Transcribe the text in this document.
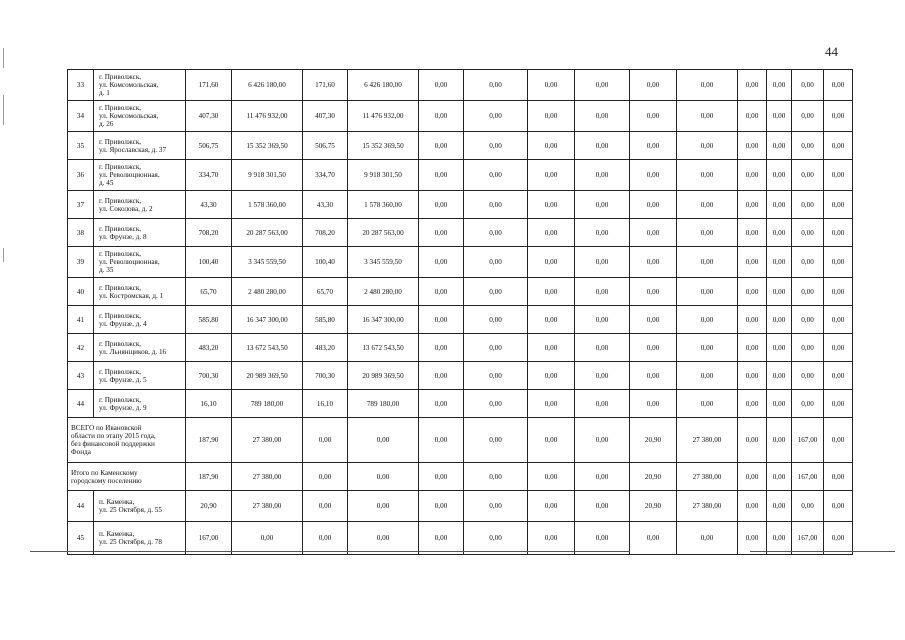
44
33	г. Приволжск,
ул. Комсомольская,
д. 1	171,60	6 426 180,00	171,60	6 426 180,00	0,00	0,00	0,00	0,00	0,00	0,00	0,00	0,00	0,00	0,00
34	г. Приволжск,
ул. Комсомольская,
д. 26	407,30	11 476 932,00	407,30	11 476 932,00	0,00	0,00	0,00	0,00	0,00	0,00	0,00	0,00	0,00	0,00
35	г. Приволжск,
ул. Ярославская, д. 37	506,75	15 352 369,50	506,75	15 352 369,50	0,00	0,00	0,00	0,00	0,00	0,00	0,00	0,00	0,00	0,00
36	г. Приволжск,
ул. Революционная,
д. 45	334,70	9 918 301,50	334,70	9 918 301,50	0,00	0,00	0,00	0,00	0,00	0,00	0,00	0,00	0,00	0,00
37	г. Приволжск,
ул. Соколова, д. 2	43,30	1 578 360,00	43,30	1 578 360,00	0,00	0,00	0,00	0,00	0,00	0,00	0,00	0,00	0,00	0,00
38	г. Приволжск,
ул. Фрунзе, д. 8	708,20	20 287 563,00	708,20	20 287 563,00	0,00	0,00	0,00	0,00	0,00	0,00	0,00	0,00	0,00	0,00
39	г. Приволжск,
ул. Революционная,
д. 35	100,40	3 345 559,50	100,40	3 345 559,50	0,00	0,00	0,00	0,00	0,00	0,00	0,00	0,00	0,00	0,00
40	г. Приволжск,
ул. Костромская, д. 1	65,70	2 480 280,00	65,70	2 480 280,00	0,00	0,00	0,00	0,00	0,00	0,00	0,00	0,00	0,00	0,00
41	г. Приволжск,
ул. Фрунзе, д. 4	585,80	16 347 300,00	585,80	16 347 300,00	0,00	0,00	0,00	0,00	0,00	0,00	0,00	0,00	0,00	0,00
42	г. Приволжск,
ул. Льнянщиков, д. 16	483,20	13 672 543,50	483,20	13 672 543,50	0,00	0,00	0,00	0,00	0,00	0,00	0,00	0,00	0,00	0,00
43	г. Приволжск,
ул. Фрунзе, д. 5	700,30	20 989 369,50	700,30	20 989 369,50	0,00	0,00	0,00	0,00	0,00	0,00	0,00	0,00	0,00	0,00
44	г. Приволжск,
ул. Фрунзе, д. 9	16,10	789 180,00	16,10	789 180,00	0,00	0,00	0,00	0,00	0,00	0,00	0,00	0,00	0,00	0,00
ВСЕГО по Ивановской
области по этапу 2015 года,
без финансовой поддержки
Фонда		187,90	27 380,00	0,00	0,00	0,00	0,00	0,00	0,00	20,90	27 380,00	0,00	0,00	167,00	0,00
Итого по Каменскому
городскому поселению		187,90	27 380,00	0,00	0,00	0,00	0,00	0,00	0,00	20,90	27 380,00	0,00	0,00	167,00	0,00
44	п. Каменка,
ул. 25 Октября, д. 55	20,90	27 380,00	0,00	0,00	0,00	0,00	0,00	0,00	20,90	27 380,00	0,00	0,00	0,00	0,00
45	п. Каменка,
ул. 25 Октября, д. 78	167,00	0,00	0,00	0,00	0,00	0,00	0,00	0,00	0,00	0,00	0,00	0,00	167,00	0,00
